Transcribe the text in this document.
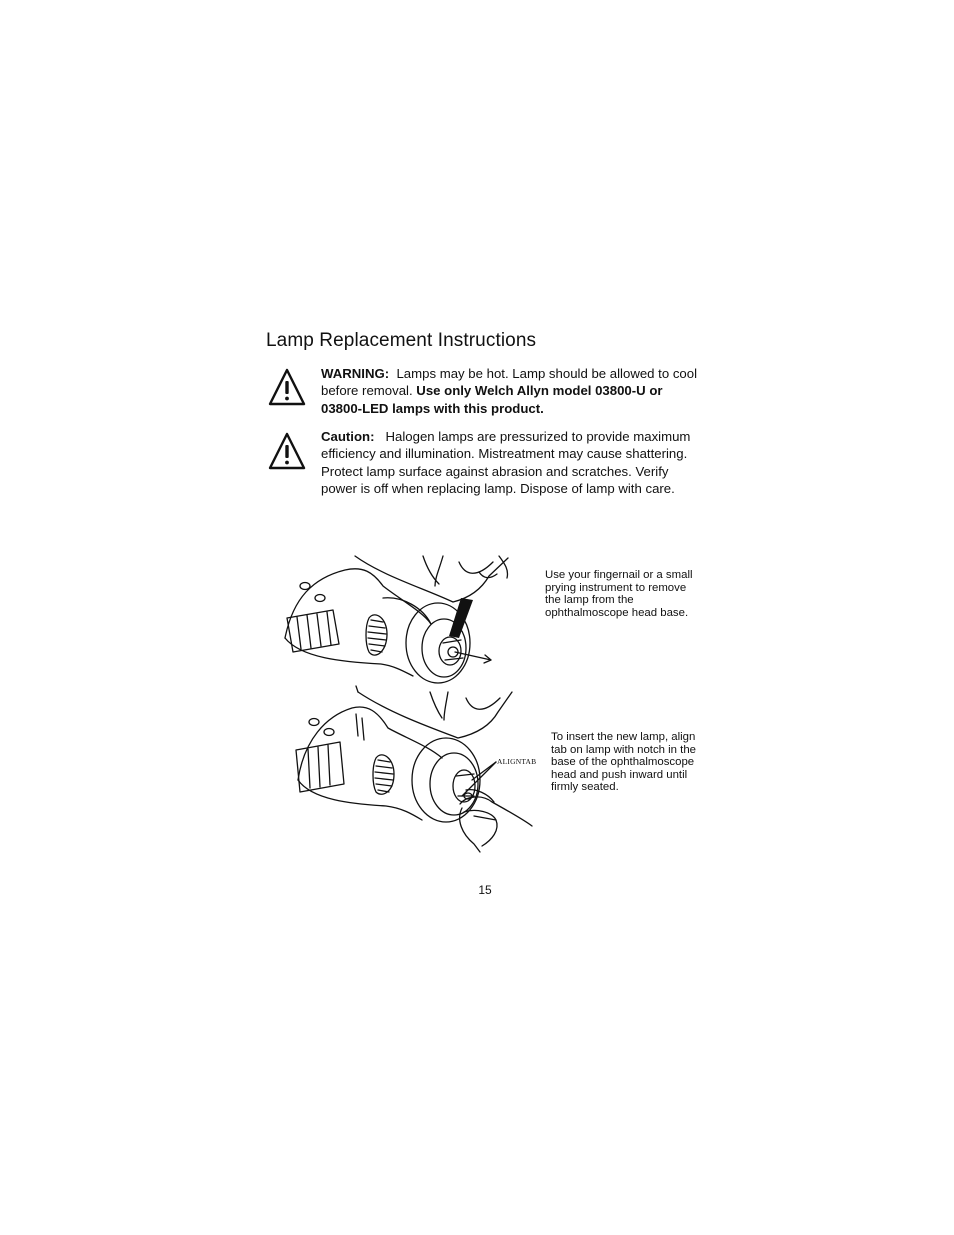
Lamp Replacement Instructions
WARNING: Lamps may be hot. Lamp should be allowed to cool before removal. Use only Welch Allyn model 03800-U or 03800-LED lamps with this product.
Caution: Halogen lamps are pressurized to provide maximum efficiency and illumination. Mistreatment may cause shattering. Protect lamp surface against abrasion and scratches. Verify power is off when replacing lamp. Dispose of lamp with care.
Use your fingernail or a small prying instrument to remove the lamp from the ophthalmoscope head base.
ALIGNTAB
To insert the new lamp, align tab on lamp with notch in the base of the ophthalmoscope head and push inward until firmly seated.
15
